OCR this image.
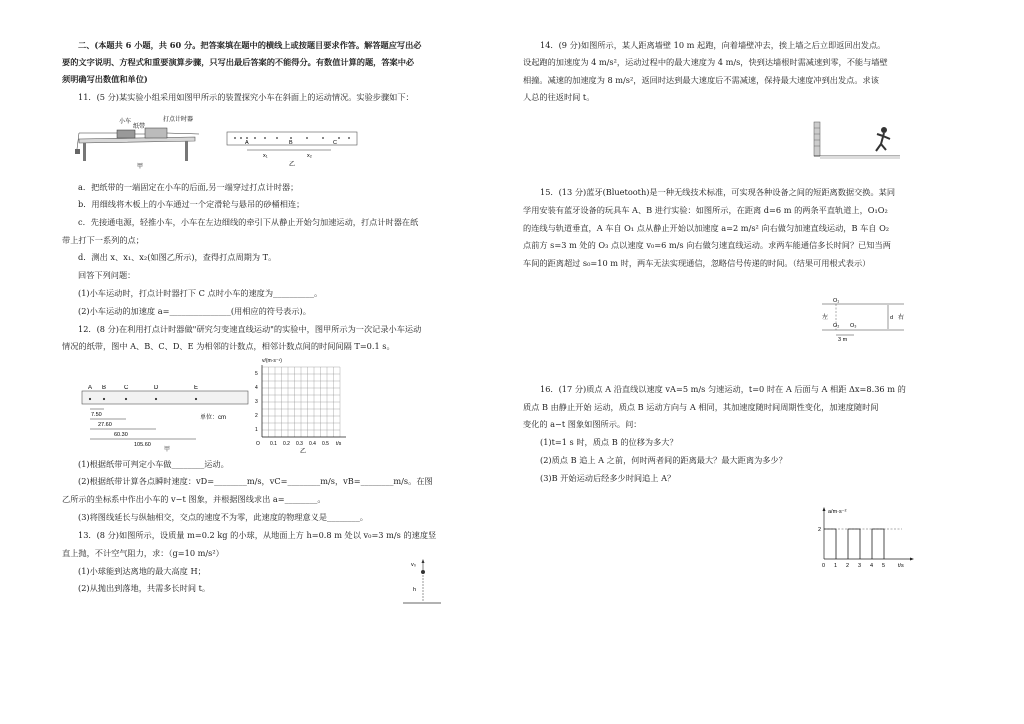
二、(本题共 6 小题，共 60 分。把答案填在题中的横线上或按题目要求作答。解答题应写出必
要的文字说明、方程式和重要演算步骤，只写出最后答案的不能得分。有数值计算的题，答案中必
须明确写出数值和单位)
11．(5 分)某实验小组采用如图甲所示的装置探究小车在斜面上的运动情况。实验步骤如下：
小车
纸带
打点计时器
甲
A	B	C
x₁	x₂
乙
a．把纸带的一端固定在小车的后面,另一端穿过打点计时器；
b．用细线将木板上的小车通过一个定滑轮与悬吊的砂桶相连；
c．先接通电源，轻推小车，小车在左边细线的牵引下从静止开始匀加速运动，打点计时器在纸
带上打下一系列的点；
d．测出 x、x₁、x₂(如图乙所示)，查得打点周期为 T。
回答下列问题：
(1)小车运动时，打点计时器打下 C 点时小车的速度为__________。
(2)小车运动的加速度 a=_______________(用相应的符号表示)。
12．(8 分)在利用打点计时器做"研究匀变速直线运动"的实验中，图甲所示为一次记录小车运动
情况的纸带，图中 A、B、C、D、E 为相邻的计数点，相邻计数点间的时间间隔 T=0.1 s。
A B	C	D	E
7.50
27.60
60.30
105.60
单位：cm
v/(m·s⁻¹)
5
4
3
2
1
O 0.1 0.2 0.3 0.4 0.5 t/s
乙
甲
(1)根据纸带可判定小车做________运动。
(2)根据纸带计算各点瞬时速度：vD=________m/s，vC=________m/s，vB=________m/s。在图
乙所示的坐标系中作出小车的 v−t 图象，并根据图线求出 a=________。
(3)将图线延长与纵轴相交，交点的速度不为零，此速度的物理意义是________。
13．(8 分)如图所示，设质量 m=0.2 kg 的小球，从地面上方 h=0.8 m 处以 v₀=3 m/s 的速度竖
直上抛，不计空气阻力，求：（g=10 m/s²）
(1)小球能到达离地的最大高度 H；
(2)从抛出到落地，共需多长时间 t。
v₀
h
14．(9 分)如图所示，某人距离墙壁 10 m 起跑，向着墙壁冲去，挨上墙之后立即返回出发点。
设起跑的加速度为 4 m/s²，运动过程中的最大速度为 4 m/s，快到达墙根时需减速到零，不能与墙壁
相撞。减速的加速度为 8 m/s²，返回时达到最大速度后不需减速，保持最大速度冲到出发点。求该
人总的往返时间 t。
15．(13 分)蓝牙(Bluetooth)是一种无线技术标准，可实现各种设备之间的短距离数据交换。某同
学用安装有蓝牙设备的玩具车 A、B 进行实验：如图所示，在距离 d=6 m 的两条平直轨道上，O₁O₂
的连线与轨道垂直，A 车自 O₁ 点从静止开始以加速度 a=2 m/s² 向右做匀加速直线运动，B 车自 O₂
点前方 s=3 m 处的 O₃ 点以速度 v₀=6 m/s 向右做匀速直线运动。求两车能通信多长时间？已知当两
车间的距离超过 s₀=10 m 时，两车无法实现通信，忽略信号传递的时间。（结果可用根式表示）
O₁
O₂ O₃
左	右
d
3 m
16．(17 分)质点 A 沿直线以速度 vA=5 m/s 匀速运动，t=0 时在 A 后面与 A 相距 Δx=8.36 m 的
质点 B 由静止开始 运动，质点 B 运动方向与 A 相同，其加速度随时间周期性变化，加速度随时间
变化的 a−t 图象如图所示。问：
(1)t=1 s 时，质点 B 的位移为多大？
(2)质点 B 追上 A 之前，何时两者间的距离最大？最大距离为多少？
(3)B 开始运动后经多少时间追上 A？
a/m·s⁻²
2
0 1 2 3 4 5 t/s
